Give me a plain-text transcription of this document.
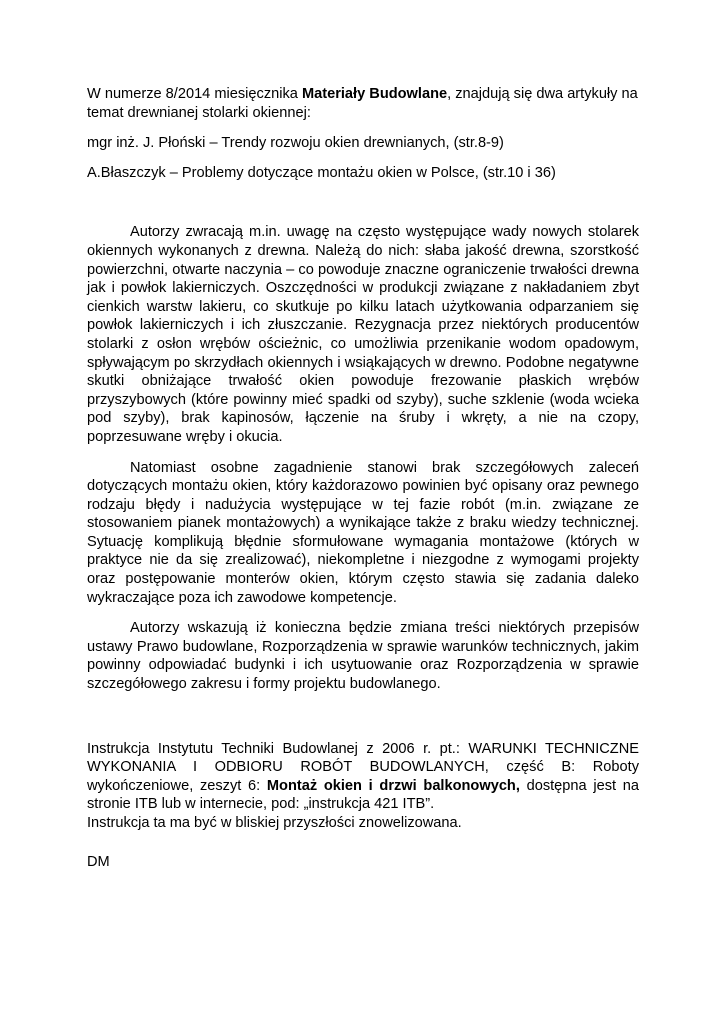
W numerze 8/2014 miesięcznika Materiały Budowlane, znajdują się dwa artykuły na temat drewnianej stolarki okiennej:

mgr inż. J. Płoński – Trendy rozwoju okien drewnianych, (str.8-9)

A.Błaszczyk – Problemy dotyczące montażu okien w Polsce, (str.10 i 36)

Autorzy zwracają m.in. uwagę na często występujące wady nowych stolarek okiennych wykonanych z drewna. Należą do nich: słaba jakość drewna, szorstkość powierzchni, otwarte naczynia – co powoduje znaczne ograniczenie trwałości drewna jak i powłok lakierniczych. Oszczędności w produkcji związane z nakładaniem zbyt cienkich warstw lakieru, co skutkuje po kilku latach użytkowania odparzaniem się powłok lakierniczych i ich złuszczanie. Rezygnacja przez niektórych producentów stolarki z osłon wrębów ościeżnic, co umożliwia przenikanie wodom opadowym, spływającym po skrzydłach okiennych i wsiąkających w drewno. Podobne negatywne skutki obniżające trwałość okien powoduje frezowanie płaskich wrębów przyszybowych (które powinny mieć spadki od szyby), suche szklenie (woda wcieka pod szyby), brak kapinosów, łączenie na śruby i wkręty, a nie na czopy, poprzesuwane wręby i okucia.

Natomiast osobne zagadnienie stanowi brak szczegółowych zaleceń dotyczących montażu okien, który każdorazowo powinien być opisany oraz pewnego rodzaju błędy i nadużycia występujące w tej fazie robót (m.in. związane ze stosowaniem pianek montażowych) a wynikające także z braku wiedzy technicznej. Sytuację komplikują błędnie sformułowane wymagania montażowe (których w praktyce nie da się zrealizować), niekompletne i niezgodne z wymogami projekty oraz postępowanie monterów okien, którym często stawia się zadania daleko wykraczające poza ich zawodowe kompetencje.

Autorzy wskazują iż konieczna będzie zmiana treści niektórych przepisów ustawy Prawo budowlane, Rozporządzenia w sprawie warunków technicznych, jakim powinny odpowiadać budynki i ich usytuowanie oraz Rozporządzenia w sprawie szczegółowego zakresu i formy projektu budowlanego.

Instrukcja Instytutu Techniki Budowlanej z 2006 r. pt.: WARUNKI TECHNICZNE WYKONANIA I ODBIORU ROBÓT BUDOWLANYCH, część B: Roboty wykończeniowe, zeszyt 6: Montaż okien i drzwi balkonowych, dostępna jest na stronie ITB lub w internecie, pod: „instrukcja 421 ITB”.

Instrukcja ta ma być w bliskiej przyszłości znowelizowana.

DM
